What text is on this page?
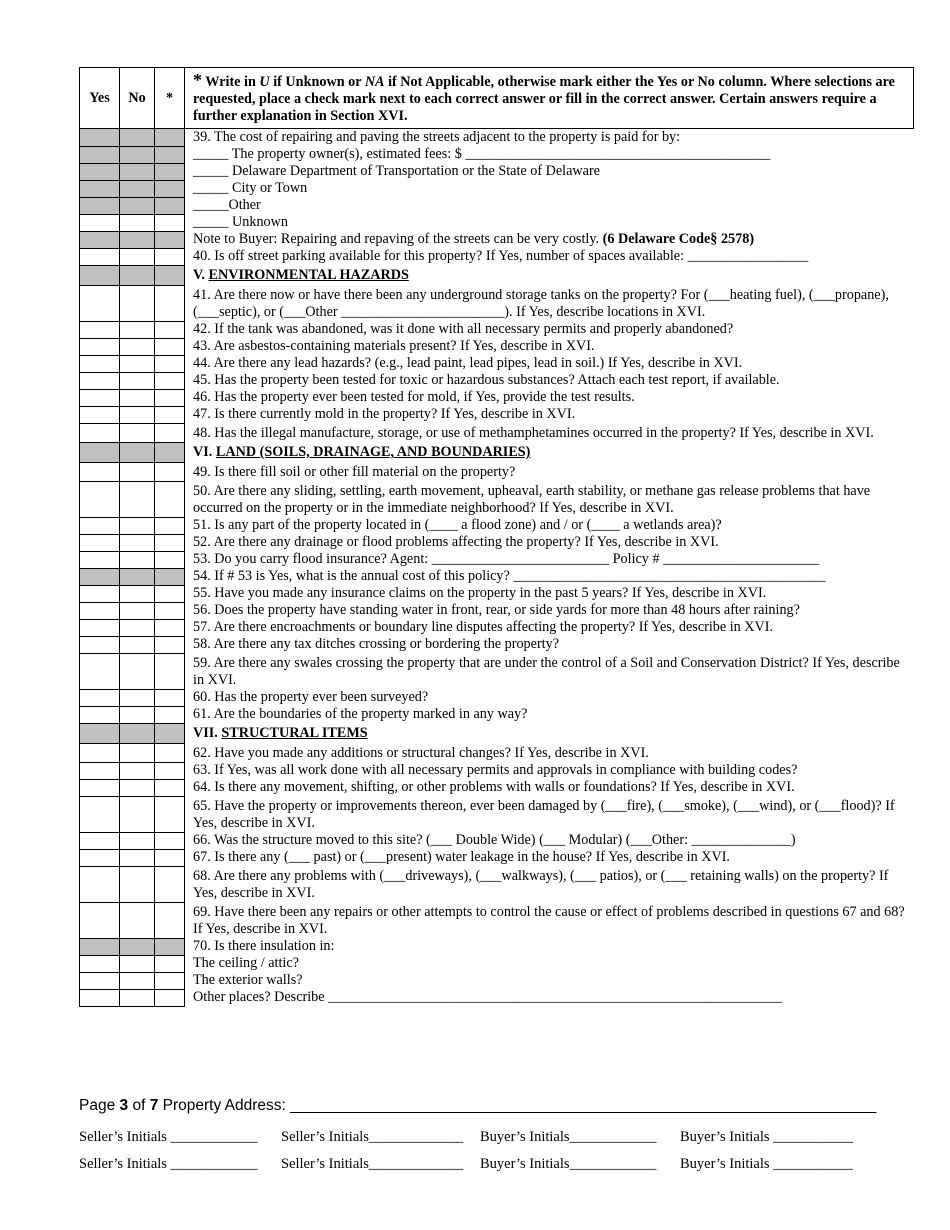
Yes	No	*	* Write in U if Unknown or NA if Not Applicable, otherwise mark either the Yes or No column. Where selections are requested, place a check mark next to each correct answer or fill in the correct answer. Certain answers require a further explanation in Section XVI.
			39. The cost of repairing and paving the streets adjacent to the property is paid for by:
			_____ The property owner(s), estimated fees: $ ___________________________________________
			_____ Delaware Department of Transportation or the State of Delaware
			_____ City or Town
			_____Other
			_____ Unknown
			Note to Buyer: Repairing and repaving of the streets can be very costly. (6 Delaware Code§ 2578)
			40. Is off street parking available for this property? If Yes, number of spaces available: _________________
			V. ENVIRONMENTAL HAZARDS
			41. Are there now or have there been any underground storage tanks on the property? For (___heating fuel), (___propane), (___septic), or (___Other _______________________). If Yes, describe locations in XVI.
			42. If the tank was abandoned, was it done with all necessary permits and properly abandoned?
			43. Are asbestos-containing materials present? If Yes, describe in XVI.
			44. Are there any lead hazards? (e.g., lead paint, lead pipes, lead in soil.) If Yes, describe in XVI.
			45. Has the property been tested for toxic or hazardous substances? Attach each test report, if available.
			46. Has the property ever been tested for mold, if Yes, provide the test results.
			47. Is there currently mold in the property? If Yes, describe in XVI.
			48. Has the illegal manufacture, storage, or use of methamphetamines occurred in the property? If Yes, describe in XVI.
			VI. LAND (SOILS, DRAINAGE, AND BOUNDARIES)
			49. Is there fill soil or other fill material on the property?
			50. Are there any sliding, settling, earth movement, upheaval, earth stability, or methane gas release problems that have occurred on the property or in the immediate neighborhood? If Yes, describe in XVI.
			51. Is any part of the property located in (____ a flood zone) and / or (____ a wetlands area)?
			52. Are there any drainage or flood problems affecting the property? If Yes, describe in XVI.
			53. Do you carry flood insurance? Agent: _________________________ Policy # ______________________
			54. If # 53 is Yes, what is the annual cost of this policy? ____________________________________________
			55. Have you made any insurance claims on the property in the past 5 years? If Yes, describe in XVI.
			56. Does the property have standing water in front, rear, or side yards for more than 48 hours after raining?
			57. Are there encroachments or boundary line disputes affecting the property? If Yes, describe in XVI.
			58. Are there any tax ditches crossing or bordering the property?
			59. Are there any swales crossing the property that are under the control of a Soil and Conservation District? If Yes, describe in XVI.
			60. Has the property ever been surveyed?
			61. Are the boundaries of the property marked in any way?
			VII. STRUCTURAL ITEMS
			62. Have you made any additions or structural changes? If Yes, describe in XVI.
			63. If Yes, was all work done with all necessary permits and approvals in compliance with building codes?
			64. Is there any movement, shifting, or other problems with walls or foundations? If Yes, describe in XVI.
			65. Have the property or improvements thereon, ever been damaged by (___fire), (___smoke), (___wind), or (___flood)? If Yes, describe in XVI.
			66. Was the structure moved to this site? (___ Double Wide) (___ Modular) (___Other: ______________)
			67. Is there any (___ past) or (___present) water leakage in the house? If Yes, describe in XVI.
			68. Are there any problems with (___driveways), (___walkways), (___ patios), or (___ retaining walls) on the property? If Yes, describe in XVI.
			69. Have there been any repairs or other attempts to control the cause or effect of problems described in questions 67 and 68? If Yes, describe in XVI.
			70. Is there insulation in:
			The ceiling / attic?
			The exterior walls?
			Other places? Describe ________________________________________________________________
Page 3 of 7 Property Address: ____________________________________________________________________
Seller’s Initials ____________ Seller’s Initials_____________ Buyer’s Initials____________ Buyer’s Initials ___________
Seller’s Initials ____________ Seller’s Initials_____________ Buyer’s Initials____________ Buyer’s Initials ___________
